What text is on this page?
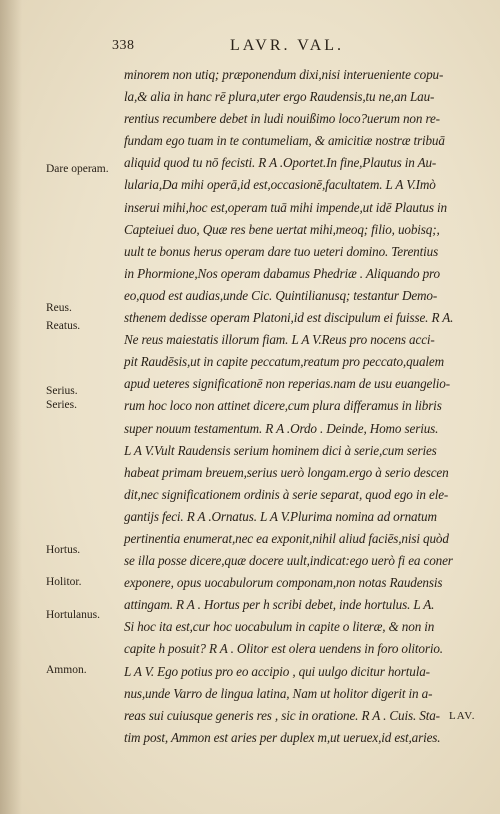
338	LAVR. VAL.
minorem non utiq; præponendum dixi,nisi interueniente copu-
la,& alia in hanc rē plura,uter ergo Raudensis,tu ne,an Lau-
rentius recumbere debet in ludi nouißimo loco?uerum non re-
fundam ego tuam in te contumeliam, & amicitiæ nostræ tribuā
aliquid quod tu nō fecisti. R A .Oportet.In fine,Plautus in Au-
lularia,Da mihi operā,id est,occasionē,facultatem. L A V.Imò
inserui mihi,hoc est,operam tuā mihi impende,ut idē Plautus in
Capteiuei duo, Quæ res bene uertat mihi,meoq; filio, uobisq;,
uult te bonus herus operam dare tuo ueteri domino. Terentius
in Phormione,Nos operam dabamus Phedriæ . Aliquando pro
eo,quod est audias,unde Cic. Quintilianusq; testantur Demo-
sthenem dedisse operam Platoni,id est discipulum ei fuisse. R A.
Ne reus maiestatis illorum fiam. L A V.Reus pro nocens acci-
pit Raudēsis,ut in capite peccatum,reatum pro peccato,qualem
apud ueteres significationē non reperias.nam de usu euangelio-
rum hoc loco non attinet dicere,cum plura differamus in libris
super nouum testamentum. R A .Ordo . Deinde, Homo serius.
L A V.Vult Raudensis serium hominem dici à serie,cum series
habeat primam breuem,serius uerò longam.ergo à serio descen
dit,nec significationem ordinis à serie separat, quod ego in ele-
gantijs feci. R A .Ornatus. L A V.Plurima nomina ad ornatum
pertinentia enumerat,nec ea exponit,nihil aliud faciēs,nisi quòd
se illa posse dicere,quæ docere uult,indicat:ego uerò fi ea coner
exponere, opus uocabulorum componam,non notas Raudensis
attingam. R A . Hortus per h scribi debet, inde hortulus. L A.
Si hoc ita est,cur hoc uocabulum in capite o literæ, & non in
capite h posuit? R A . Olitor est olera uendens in foro olitorio.
L A V. Ego potius pro eo accipio , qui uulgo dicitur hortula-
nus,unde Varro de lingua latina, Nam ut holitor digerit in a-
reas sui cuiusque generis res , sic in oratione. R A . Cuis. Sta-
tim post, Ammon est aries per duplex m,ut ueruex,id est,aries.
Dare operam.
Reus.
Reatus.
Serius.
Series.
Hortus.
Holitor.
Hortulanus.
Ammon.
LAV.
